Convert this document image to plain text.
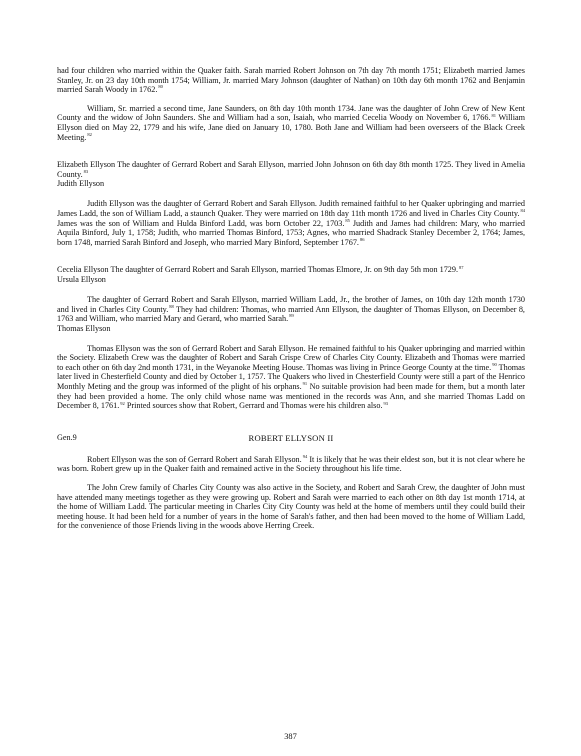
had four children who married within the Quaker faith. Sarah married Robert Johnson on 7th day 7th month 1751; Elizabeth married James Stanley, Jr. on 23 day 10th month 1754; William, Jr. married Mary Johnson (daughter of Nathan) on 10th day 6th month 1762 and Benjamin married Sarah Woody in 1762.80

William, Sr. married a second time, Jane Saunders, on 8th day 10th month 1734. Jane was the daughter of John Crew of New Kent County and the widow of John Saunders. She and William had a son, Isaiah, who married Cecelia Woody on November 6, 1766.81 William Ellyson died on May 22, 1779 and his wife, Jane died on January 10, 1780. Both Jane and William had been overseers of the Black Creek Meeting.$^{82}$

Elizabeth Ellyson The daughter of Gerrard Robert and Sarah Ellyson, married John Johnson on 6th day 8th month 1725. They lived in Amelia County.$^{83}$

Judith Ellyson

Judith Ellyson was the daughter of Gerrard Robert and Sarah Ellyson. Judith remained faithful to her Quaker upbringing and married James Ladd, the son of William Ladd, a staunch Quaker. They were married on 18th day 11th month 1726 and lived in Charles City County.$^{84}$ James was the son of William and Hulda Binford Ladd, was born October 22, 1703.85 Judith and James had children: Mary, who married Aquila Binford, July 1, 1758; Judith, who married Thomas Binford, 1753; Agnes, who married Shadrack Stanley December 2, 1764; James, born 1748, married Sarah Binford and Joseph, who married Mary Binford, September 1767.86

Cecelia Ellyson The daughter of Gerrard Robert and Sarah Ellyson, married Thomas Elmore, Jr. on 9th day 5th mon 1729.87

Ursula Ellyson

The daughter of Gerrard Robert and Sarah Ellyson, married William Ladd, Jr., the brother of James, on 10th day 12th month 1730 and lived in Charles City County.$^{88}$ They had children: Thomas, who married Ann Ellyson, the daughter of Thomas Ellyson, on December 8, 1763 and William, who married Mary and Gerard, who married Sarah.$^{89}$

Thomas Ellyson

Thomas Ellyson was the son of Gerrard Robert and Sarah Ellyson. He remained faithful to his Quaker upbringing and married within the Society. Elizabeth Crew was the daughter of Robert and Sarah Crispe Crew of Charles City County. Elizabeth and Thomas were married to each other on 6th day 2nd month 1731, in the Weyanoke Meeting House. Thomas was living in Prince George County at the time.$^{90}$ Thomas later lived in Chesterfield County and died by October 1, 1757. The Quakers who lived in Chesterfield County were still a part of the Henrico Monthly Meting and the group was informed of the plight of his orphans.$^{91}$ No suitable provision had been made for them, but a month later they had been provided a home. The only child whose name was mentioned in the records was Ann, and she married Thomas Ladd on December 8, 1761.92 Printed sources show that Robert, Gerrard and Thomas were his children also.$^{93}$

Gen.9	ROBERT ELLYSON II

Robert Ellyson was the son of Gerrard Robert and Sarah Ellyson.$^{94}$ It is likely that he was their eldest son, but it is not clear where he was born. Robert grew up in the Quaker faith and remained active in the Society throughout his life time.

The John Crew family of Charles City County was also active in the Society, and Robert and Sarah Crew, the daughter of John must have attended many meetings together as they were growing up. Robert and Sarah were married to each other on 8th day 1st month 1714, at the home of William Ladd. The particular meeting in Charles City City County was held at the home of members until they could build their meeting house. It had been held for a number of years in the home of Sarah's father, and then had been moved to the home of William Ladd, for the convenience of those Friends living in the woods above Herring Creek.

387
